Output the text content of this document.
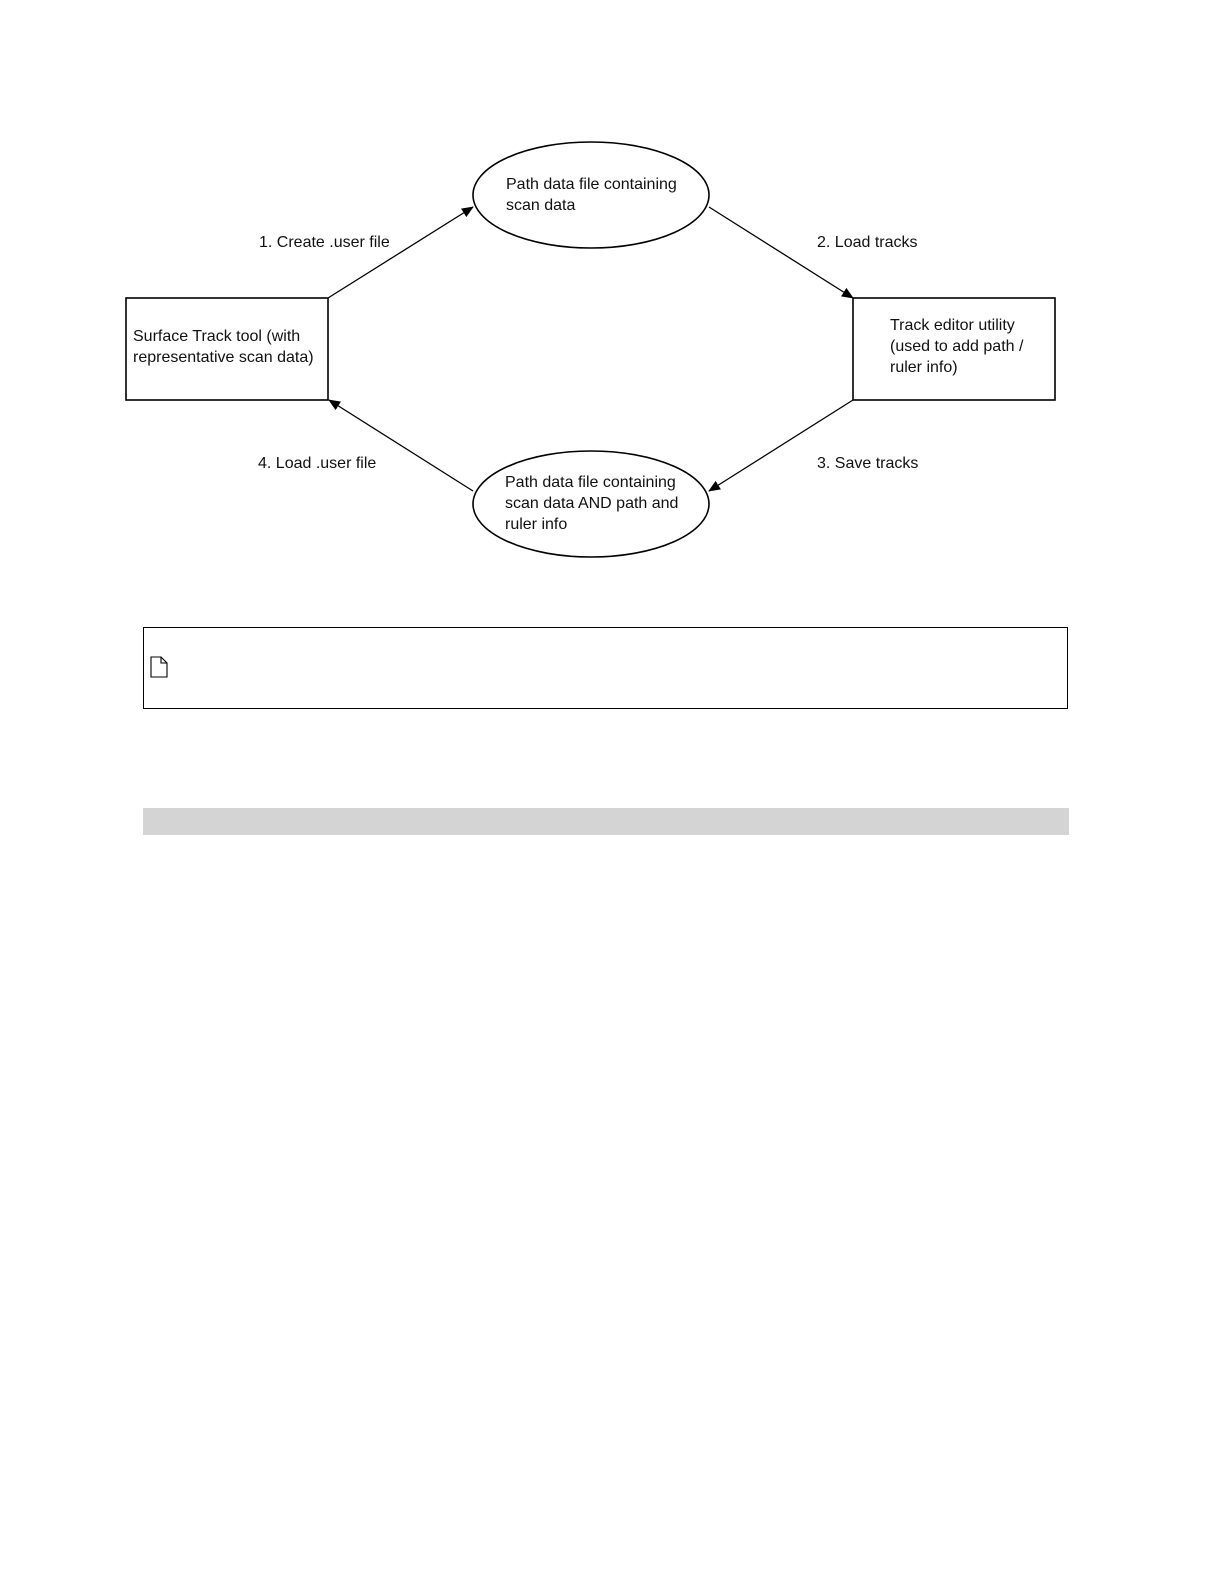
Path data file containing
scan data
Track editor utility
(used to add path /
ruler info)
Path data file containing
scan data AND path and
ruler info
Surface Track tool (with
representative scan data)
1. Create .user file	2. Load tracks
3. Save tracks
4. Load .user file
